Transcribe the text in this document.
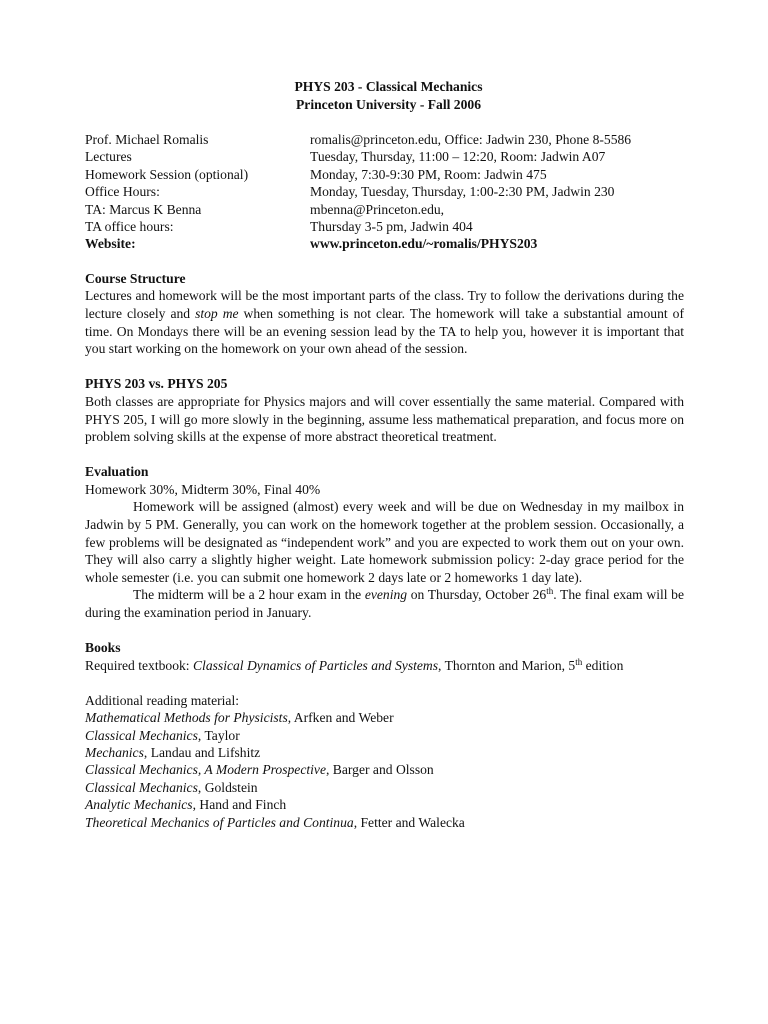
PHYS 203 - Classical Mechanics
Princeton University - Fall 2006
Prof. Michael Romalis	romalis@princeton.edu, Office: Jadwin 230, Phone 8-5586
Lectures	Tuesday, Thursday, 11:00 – 12:20, Room: Jadwin A07
Homework Session (optional)	Monday, 7:30-9:30 PM, Room: Jadwin 475
Office Hours:	Monday, Tuesday, Thursday, 1:00-2:30 PM, Jadwin 230
TA: Marcus K Benna	mbenna@Princeton.edu,
TA office hours:	Thursday 3-5 pm, Jadwin 404
Website:	www.princeton.edu/~romalis/PHYS203
Course Structure

Lectures and homework will be the most important parts of the class. Try to follow the derivations during the lecture closely and stop me when something is not clear. The homework will take a substantial amount of time. On Mondays there will be an evening session lead by the TA to help you, however it is important that you start working on the homework on your own ahead of the session.

PHYS 203 vs. PHYS 205

Both classes are appropriate for Physics majors and will cover essentially the same material. Compared with PHYS 205, I will go more slowly in the beginning, assume less mathematical preparation, and focus more on problem solving skills at the expense of more abstract theoretical treatment.

Evaluation

Homework 30%, Midterm 30%, Final 40%

Homework will be assigned (almost) every week and will be due on Wednesday in my mailbox in Jadwin by 5 PM. Generally, you can work on the homework together at the problem session. Occasionally, a few problems will be designated as “independent work” and you are expected to work them out on your own. They will also carry a slightly higher weight. Late homework submission policy: 2-day grace period for the whole semester (i.e. you can submit one homework 2 days late or 2 homeworks 1 day late).

The midterm will be a 2 hour exam in the evening on Thursday, October 26th. The final exam will be during the examination period in January.

Books

Required textbook: Classical Dynamics of Particles and Systems, Thornton and Marion, 5th edition

Additional reading material:

Mathematical Methods for Physicists, Arfken and Weber

Classical Mechanics, Taylor

Mechanics, Landau and Lifshitz

Classical Mechanics, A Modern Prospective, Barger and Olsson

Classical Mechanics, Goldstein

Analytic Mechanics, Hand and Finch

Theoretical Mechanics of Particles and Continua, Fetter and Walecka
